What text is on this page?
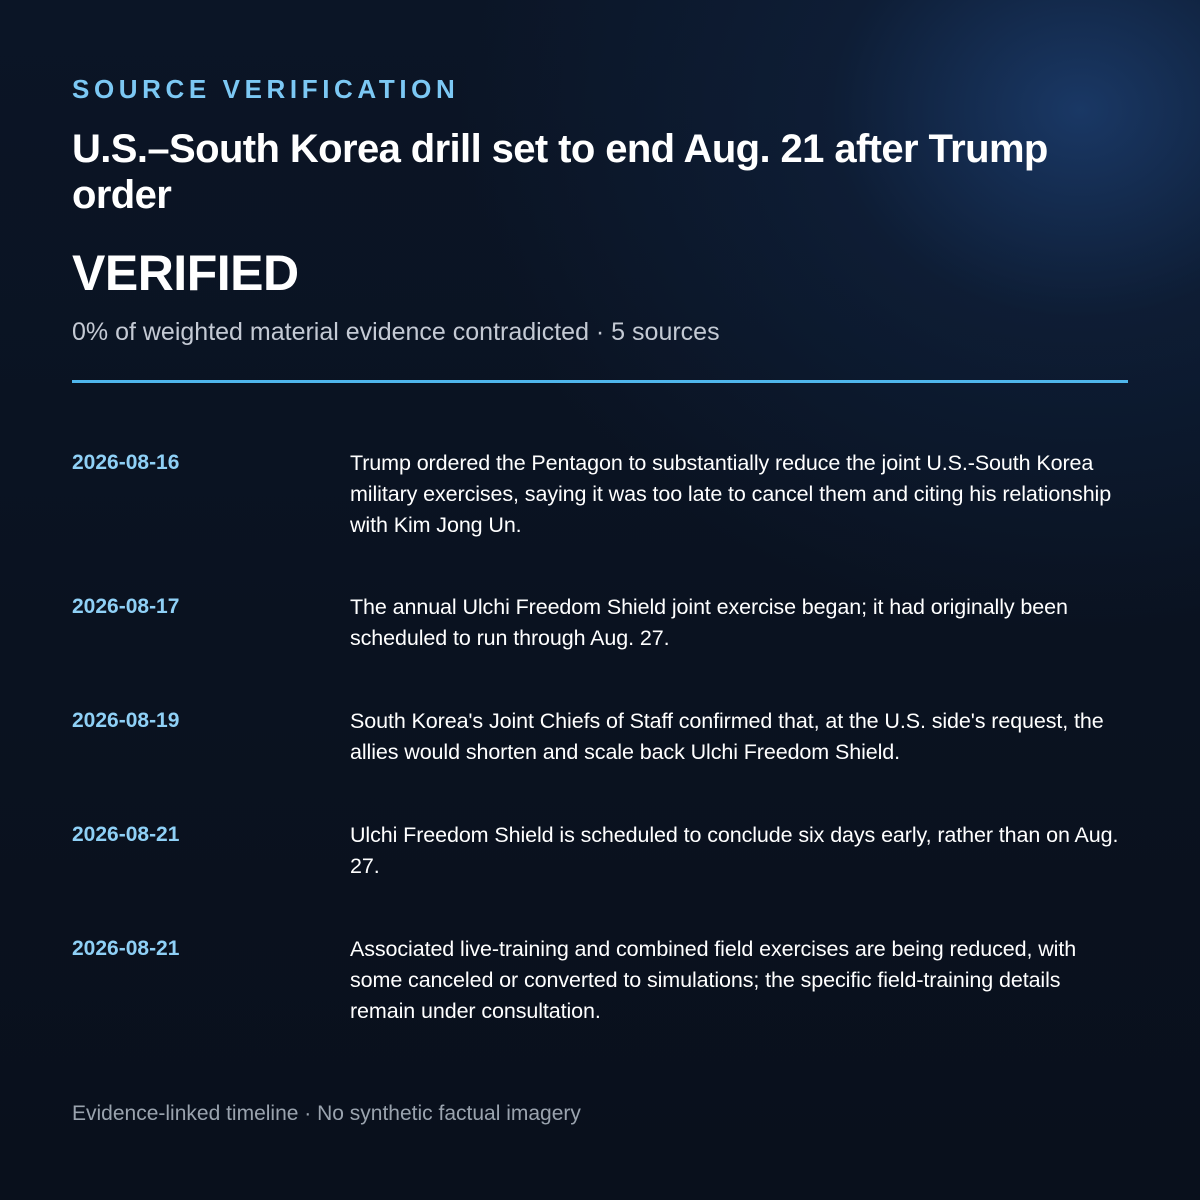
SOURCE VERIFICATION
U.S.–South Korea drill set to end Aug. 21 after Trump order
VERIFIED
0% of weighted material evidence contradicted · 5 sources
2026-08-16	Trump ordered the Pentagon to substantially reduce the joint U.S.-South Korea military exercises, saying it was too late to cancel them and citing his relationship with Kim Jong Un.
2026-08-17	The annual Ulchi Freedom Shield joint exercise began; it had originally been scheduled to run through Aug. 27.
2026-08-19	South Korea's Joint Chiefs of Staff confirmed that, at the U.S. side's request, the allies would shorten and scale back Ulchi Freedom Shield.
2026-08-21	Ulchi Freedom Shield is scheduled to conclude six days early, rather than on Aug. 27.
2026-08-21	Associated live-training and combined field exercises are being reduced, with some canceled or converted to simulations; the specific field-training details remain under consultation.
Evidence-linked timeline · No synthetic factual imagery
